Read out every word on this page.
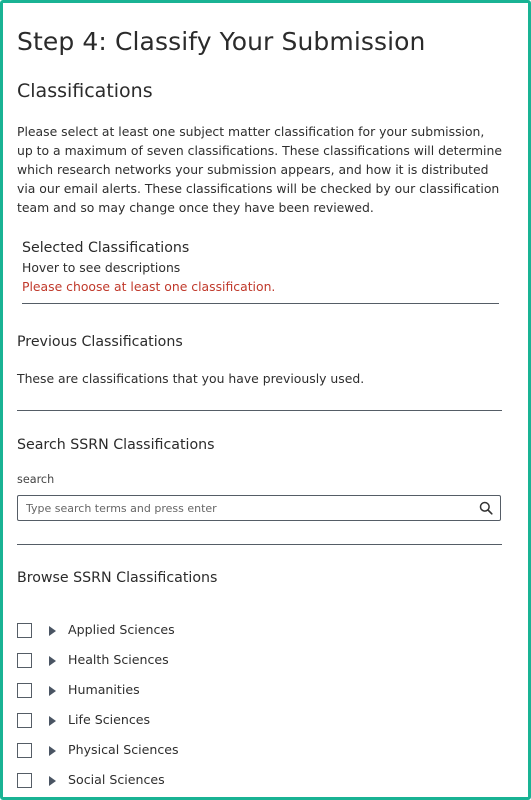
Step 4: Classify Your Submission
Classifications
Please select at least one subject matter classification for your submission, up to a maximum of seven classifications. These classifications will determine which research networks your submission appears, and how it is distributed via our email alerts. These classifications will be checked by our classification team and so may change once they have been reviewed.
Selected Classifications
Hover to see descriptions
Please choose at least one classification.
Previous Classifications
These are classifications that you have previously used.
Search SSRN Classifications
search
Type search terms and press enter
Browse SSRN Classifications
Applied Sciences
Health Sciences
Humanities
Life Sciences
Physical Sciences
Social Sciences
